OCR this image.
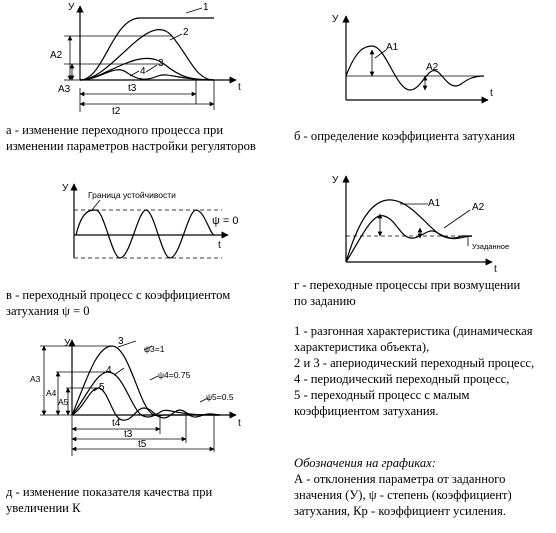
У
t
1
2
3
4
A2
A3	t3
t2
У
t
A1
A2
У
t
Граница устойчивости
ψ = 0
У
t
A1	A2
Узаданное
У
t
3
4
5
ψ3=1
ψ4=0.75
ψ5=0.5
A3
A4
A5
t4
t3
t5

а - изменение переходного процесса при изменении параметров настройки регуляторов

б - определение коэффициента затухания

в - переходный процесс с коэффициентом затухания ψ = 0

г - переходные процессы при возмущении по заданию

д - изменение показателя качества при увеличении К

1 - разгонная характеристика (динамическая характеристика объекта),

2 и 3 - апериодический переходный процесс,

4 - периодический переходный процесс,

5 - переходный процесс с малым коэффициентом затухания.

Обозначения на графиках:

А - отклонения параметра от заданного значения (У), ψ - степень (коэффициент) затухания, Кр - коэффициент усиления.
